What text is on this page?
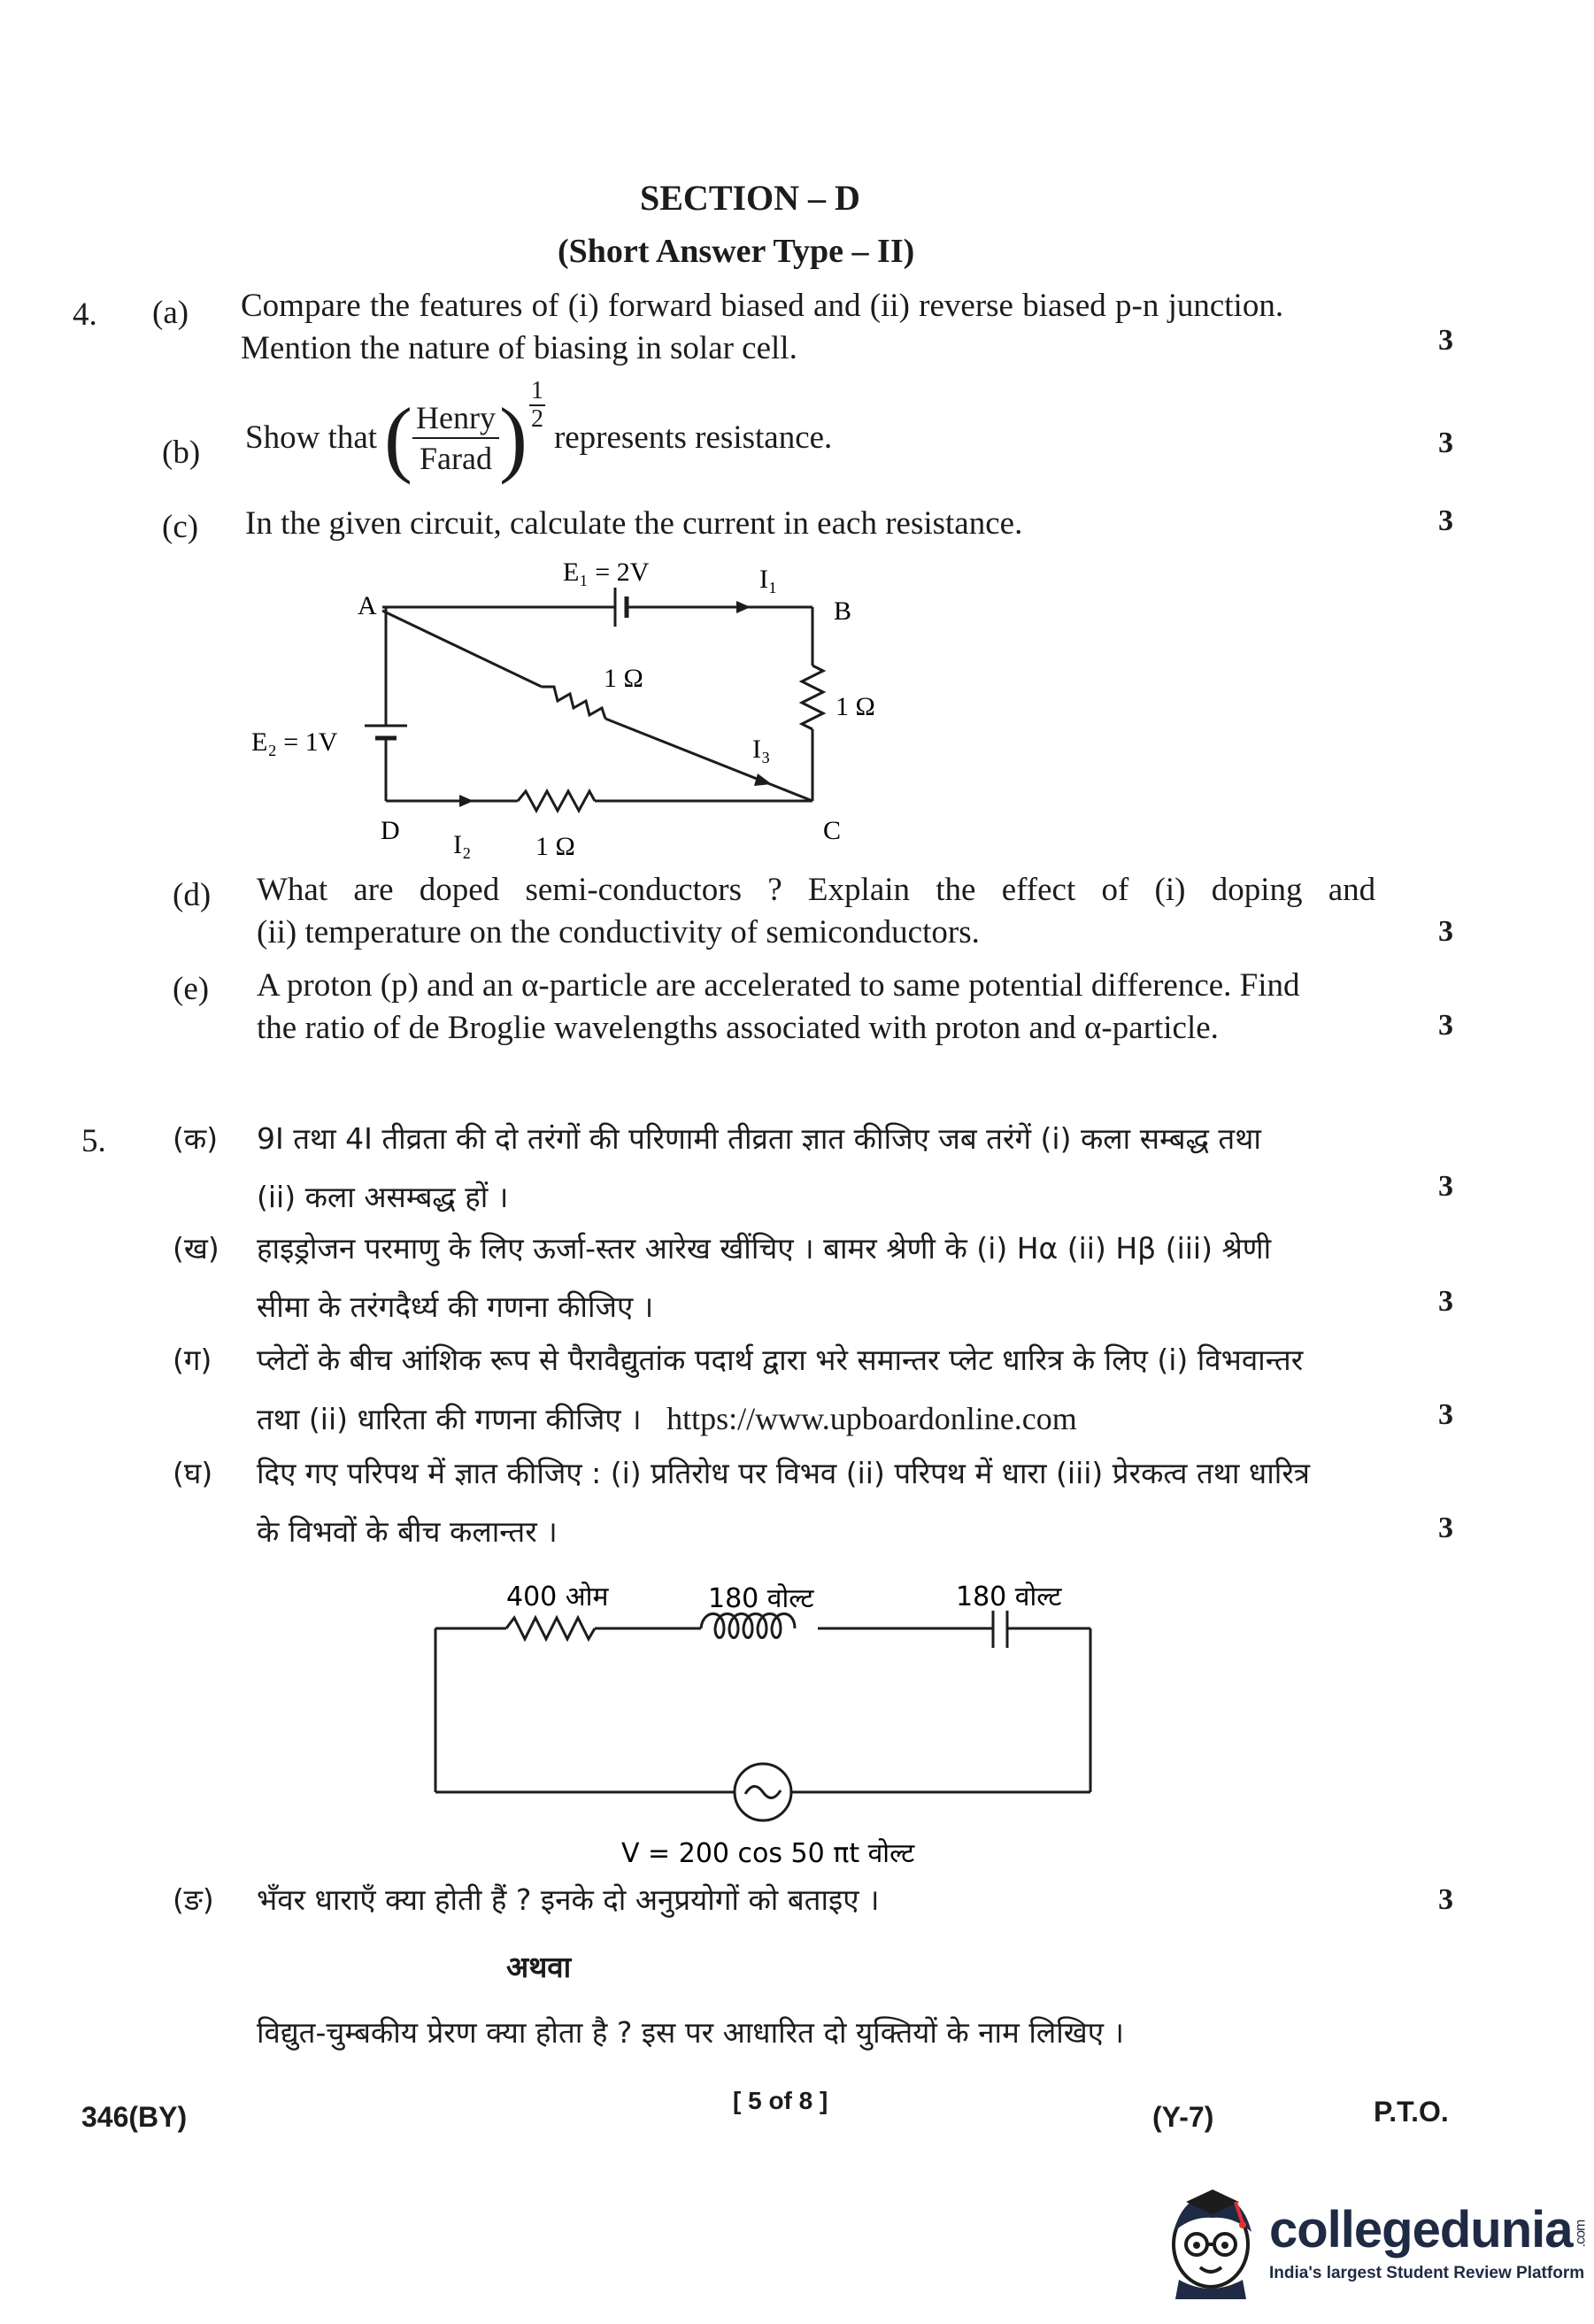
SECTION – D
(Short Answer Type – II)
4. (a) Compare the features of (i) forward biased and (ii) reverse biased p-n junction.
Mention the nature of biasing in solar cell.	3
(b) Show that ( Henry
Farad ) $\frac{1}{2}$
represents resistance.	3
(c) In the given circuit, calculate the current in each resistance.	3
E₁ = 2V	I₁
A	B
1 Ω
1 Ω
E₂ = 1V	I₃
D I₂ 1 Ω
C
(d) What are doped semi-conductors ? Explain the effect of (i) doping and
(ii) temperature on the conductivity of semiconductors.	3
(e) A proton (p) and an α-particle are accelerated to same potential difference. Find
the ratio of de Broglie wavelengths associated with proton and α-particle.	3
5. (क) 9I तथा 4I तीव्रता की दो तरंगों की परिणामी तीव्रता ज्ञात कीजिए जब तरंगें (i) कला सम्बद्ध तथा
(ii) कला असम्बद्ध हों ।	3
(ख) हाइड्रोजन परमाणु के लिए ऊर्जा-स्तर आरेख खींचिए । बामर श्रेणी के (i) Hα (ii) Hβ (iii) श्रेणी
सीमा के तरंगदैर्ध्य की गणना कीजिए ।	3
(ग) प्लेटों के बीच आंशिक रूप से पैरावैद्युतांक पदार्थ द्वारा भरे समान्तर प्लेट धारित्र के लिए (i) विभवान्तर
तथा (ii) धारिता की गणना कीजिए । https://www.upboardonline.com	3
(घ) दिए गए परिपथ में ज्ञात कीजिए : (i) प्रतिरोध पर विभव (ii) परिपथ में धारा (iii) प्रेरकत्व तथा धारित्र
के विभवों के बीच कलान्तर ।	3
400 ओम	180 वोल्ट	180 वोल्ट
V = 200 cos 50 πt वोल्ट
(ङ) भँवर धाराएँ क्या होती हैं ? इनके दो अनुप्रयोगों को बताइए ।	3
अथवा
विद्युत-चुम्बकीय प्रेरण क्या होता है ? इस पर आधारित दो युक्तियों के नाम लिखिए ।
346(BY)
[ 5 of 8 ]
(Y-7)	P.T.O.
collegedunia.com
India's largest Student Review Platform
